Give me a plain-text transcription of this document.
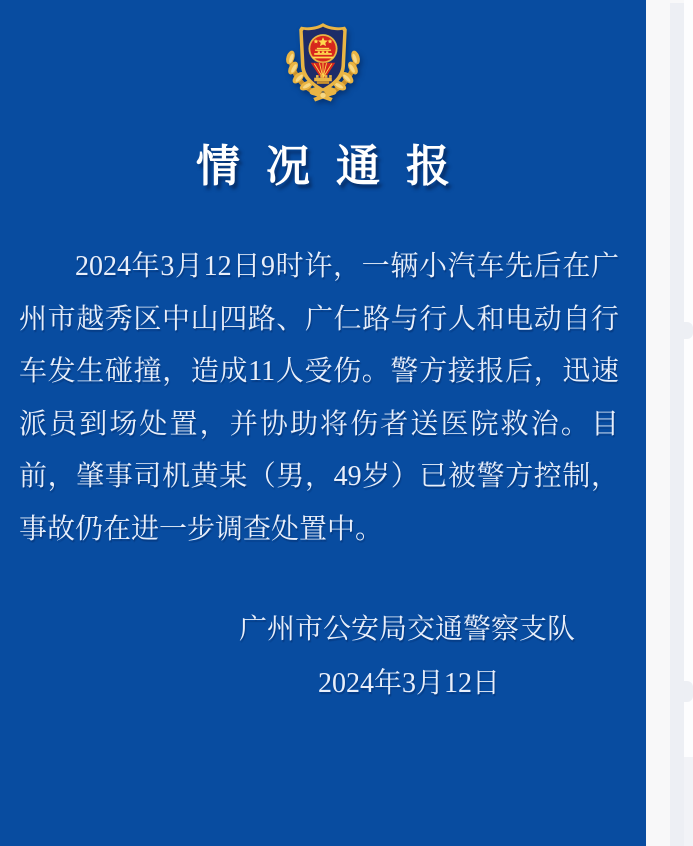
情况通报
2024年3月12日9时许，一辆小汽车先后在广
州市越秀区中山四路、广仁路与行人和电动自行
车发生碰撞，造成11人受伤。警方接报后，迅速
派员到场处置，并协助将伤者送医院救治。目
前，肇事司机黄某（男，49岁）已被警方控制，
事故仍在进一步调查处置中。
广州市公安局交通警察支队
2024年3月12日
